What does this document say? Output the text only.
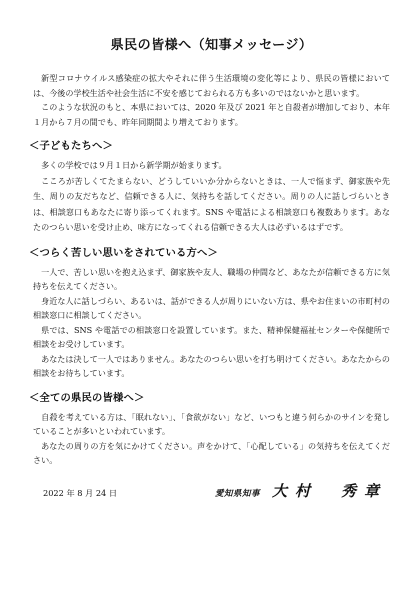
県民の皆様へ（知事メッセージ）

新型コロナウイルス感染症の拡大やそれに伴う生活環境の変化等により、県民の皆様においては、今後の学校生活や社会生活に不安を感じておられる方も多いのではないかと思います。

このような状況のもと、本県においては、2020 年及び 2021 年と自殺者が増加しており、本年１月から７月の間でも、昨年同期間より増えております。

＜子どもたちへ＞

多くの学校では９月１日から新学期が始まります。

こころが苦しくてたまらない、どうしていいか分からないときは、一人で悩まず、御家族や先生、周りの友だちなど、信頼できる人に、気持ちを話してください。周りの人に話しづらいときは、相談窓口もあなたに寄り添ってくれます。SNS や電話による相談窓口も複数あります。あなたのつらい思いを受け止め、味方になってくれる信頼できる大人は必ずいるはずです。

＜つらく苦しい思いをされている方へ＞

一人で、苦しい思いを抱え込まず、御家族や友人、職場の仲間など、あなたが信頼できる方に気持ちを伝えてください。

身近な人に話しづらい、あるいは、話ができる人が周りにいない方は、県やお住まいの市町村の相談窓口に相談してください。

県では、SNS や電話での相談窓口を設置しています。また、精神保健福祉センターや保健所で相談をお受けしています。

あなたは決して一人ではありません。あなたのつらい思いを打ち明けてください。あなたからの相談をお待ちしています。

＜全ての県民の皆様へ＞

自殺を考えている方は、「眠れない」、「食欲がない」など、いつもと違う何らかのサインを発していることが多いといわれています。

あなたの周りの方を気にかけてください。声をかけて、「心配している」の気持ちを伝えてください。

2022 年 8 月 24 日	愛知県知事 大村　秀章
